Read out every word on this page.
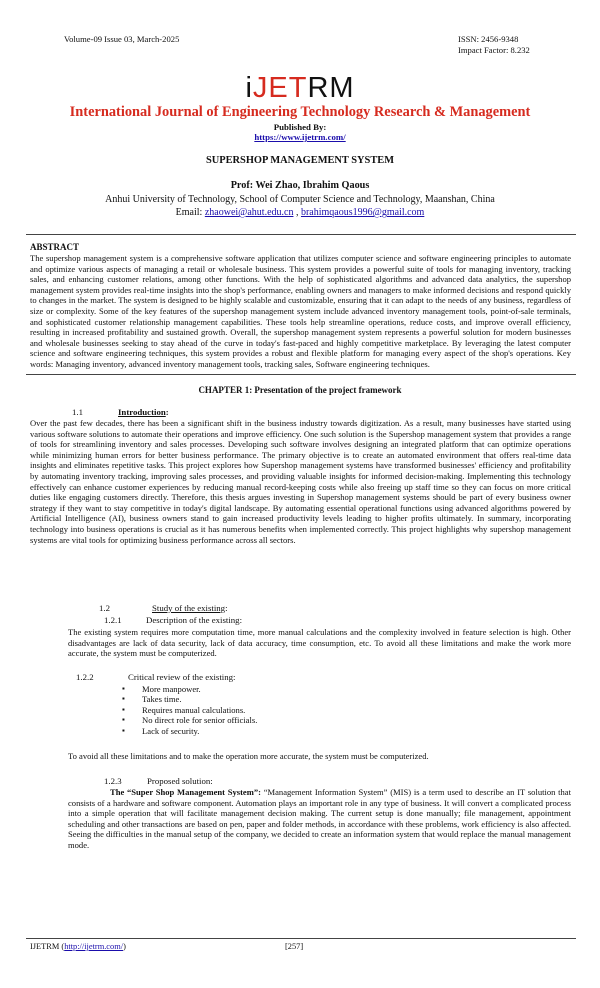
Volume-09 Issue 03, March-2025	ISSN: 2456-9348
Impact Factor: 8.232
iJETRM
International Journal of Engineering Technology Research & Management
Published By:
https://www.ijetrm.com/
SUPERSHOP MANAGEMENT SYSTEM
Prof: Wei Zhao, Ibrahim Qaous
Anhui University of Technology, School of Computer Science and Technology, Maanshan, China
Email: zhaowei@ahut.edu.cn , brahimqaous1996@gmail.com
ABSTRACT
The supershop management system is a comprehensive software application that utilizes computer science and software engineering principles to automate and optimize various aspects of managing a retail or wholesale business. This system provides a powerful suite of tools for managing inventory, tracking sales, and enhancing customer relations, among other functions. With the help of sophisticated algorithms and advanced data analytics, the supershop management system provides real-time insights into the shop's performance, enabling owners and managers to make informed decisions and respond quickly to changes in the market. The system is designed to be highly scalable and customizable, ensuring that it can adapt to the needs of any business, regardless of size or complexity. Some of the key features of the supershop management system include advanced inventory management tools, point-of-sale terminals, and sophisticated customer relationship management capabilities. These tools help streamline operations, reduce costs, and improve overall efficiency, resulting in increased profitability and sustained growth. Overall, the supershop management system represents a powerful solution for modern businesses and wholesale businesses seeking to stay ahead of the curve in today's fast-paced and highly competitive marketplace. By leveraging the latest computer science and software engineering techniques, this system provides a robust and flexible platform for managing every aspect of the shop's operations. Key words: Managing inventory, advanced inventory management tools, tracking sales, Software engineering techniques.
CHAPTER 1: Presentation of the project framework
1.1	Introduction:
Over the past few decades, there has been a significant shift in the business industry towards digitization. As a result, many businesses have started using various software solutions to automate their operations and improve efficiency. One such solution is the Supershop management system that provides a range of tools for streamlining inventory and sales processes. Developing such software involves designing an integrated platform that can optimize operations while minimizing human errors for better business performance. The primary objective is to create an automated environment that offers real-time data insights and eliminates repetitive tasks. This project explores how Supershop management systems have transformed businesses' efficiency and profitability by automating inventory tracking, improving sales processes, and providing valuable insights for informed decision-making. Implementing this technology effectively can enhance customer experiences by reducing manual record-keeping costs while also freeing up staff time so they can focus on more critical duties like engaging customers directly. Therefore, this thesis argues investing in Supershop management systems should be part of every business owner strategy if they want to stay competitive in today's digital landscape. By automating essential operational functions using advanced algorithms powered by Artificial Intelligence (AI), business owners stand to gain increased productivity levels leading to higher profits ultimately. In summary, incorporating technology into business operations is crucial as it has numerous benefits when implemented correctly. This project highlights why supershop management systems are vital tools for optimizing business performance across all sectors.
1.2	Study of the existing:
1.2.1	Description of the existing:
The existing system requires more computation time, more manual calculations and the complexity involved in feature selection is high. Other disadvantages are lack of data security, lack of data accuracy, time consumption, etc. To avoid all these limitations and make the work more accurate, the system must be computerized.
1.2.2	Critical review of the existing:
▪ More manpower.
▪ Takes time.
▪ Requires manual calculations.
▪ No direct role for senior officials.
▪ Lack of security.
To avoid all these limitations and to make the operation more accurate, the system must be computerized.
1.2.3	Proposed solution:
The “Super Shop Management System”: “Management Information System” (MIS) is a term used to describe an IT solution that consists of a hardware and software component. Automation plays an important role in any type of business. It will convert a complicated process into a simple operation that will facilitate management decision making. The current setup is done manually; file management, appointment scheduling and other transactions are based on pen, paper and folder methods, in accordance with these problems, work efficiency is also affected. Seeing the difficulties in the manual setup of the company, we decided to create an information system that would replace the manual management mode.
IJETRM (http://ijetrm.com/)	[257]
